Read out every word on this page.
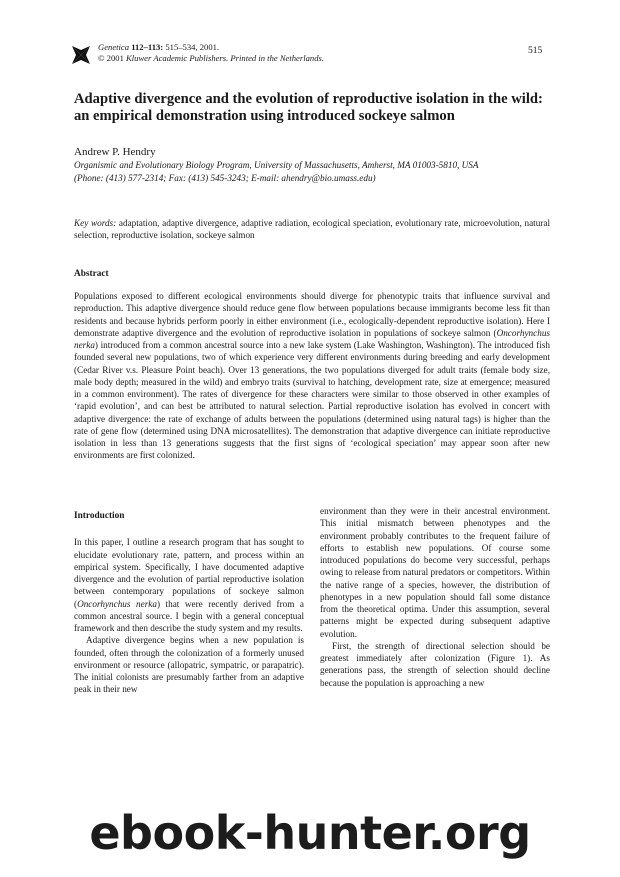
Genetica 112–113: 515–534, 2001.
© 2001 Kluwer Academic Publishers. Printed in the Netherlands.
515
Adaptive divergence and the evolution of reproductive isolation in the wild: an empirical demonstration using introduced sockeye salmon
Andrew P. Hendry
Organismic and Evolutionary Biology Program, University of Massachusetts, Amherst, MA 01003-5810, USA
(Phone: (413) 577-2314; Fax: (413) 545-3243; E-mail: ahendry@bio.umass.edu)
Key words: adaptation, adaptive divergence, adaptive radiation, ecological speciation, evolutionary rate, microevolution, natural selection, reproductive isolation, sockeye salmon
Abstract
Populations exposed to different ecological environments should diverge for phenotypic traits that influence survival and reproduction. This adaptive divergence should reduce gene flow between populations because immigrants become less fit than residents and because hybrids perform poorly in either environment (i.e., ecologically-dependent reproductive isolation). Here I demonstrate adaptive divergence and the evolution of reproductive isolation in populations of sockeye salmon (Oncorhynchus nerka) introduced from a common ancestral source into a new lake system (Lake Washington, Washington). The introduced fish founded several new populations, two of which experience very different environments during breeding and early development (Cedar River v.s. Pleasure Point beach). Over 13 generations, the two populations diverged for adult traits (female body size, male body depth; measured in the wild) and embryo traits (survival to hatching, development rate, size at emergence; measured in a common environment). The rates of divergence for these characters were similar to those observed in other examples of ‘rapid evolution’, and can best be attributed to natural selection. Partial reproductive isolation has evolved in concert with adaptive divergence: the rate of exchange of adults between the populations (determined using natural tags) is higher than the rate of gene flow (determined using DNA microsatellites). The demonstration that adaptive divergence can initiate reproductive isolation in less than 13 generations suggests that the first signs of ‘ecological speciation’ may appear soon after new environments are first colonized.
Introduction

In this paper, I outline a research program that has sought to elucidate evolutionary rate, pattern, and process within an empirical system. Specifically, I have documented adaptive divergence and the evolution of partial reproductive isolation between contemporary populations of sockeye salmon (Oncorhynchus nerka) that were recently derived from a common ancestral source. I begin with a general conceptual framework and then describe the study system and my results.

Adaptive divergence begins when a new population is founded, often through the colonization of a formerly unused environment or resource (allopatric, sympatric, or parapatric). The initial colonists are presumably farther from an adaptive peak in their new

environment than they were in their ancestral environment. This initial mismatch between phenotypes and the environment probably contributes to the frequent failure of efforts to establish new populations. Of course some introduced populations do become very successful, perhaps owing to release from natural predators or competitors. Within the native range of a species, however, the distribution of phenotypes in a new population should fall some distance from the theoretical optima. Under this assumption, several patterns might be expected during subsequent adaptive evolution.

First, the strength of directional selection should be greatest immediately after colonization (Figure 1). As generations pass, the strength of selection should decline because the population is approaching a new

ebook-hunter.org
